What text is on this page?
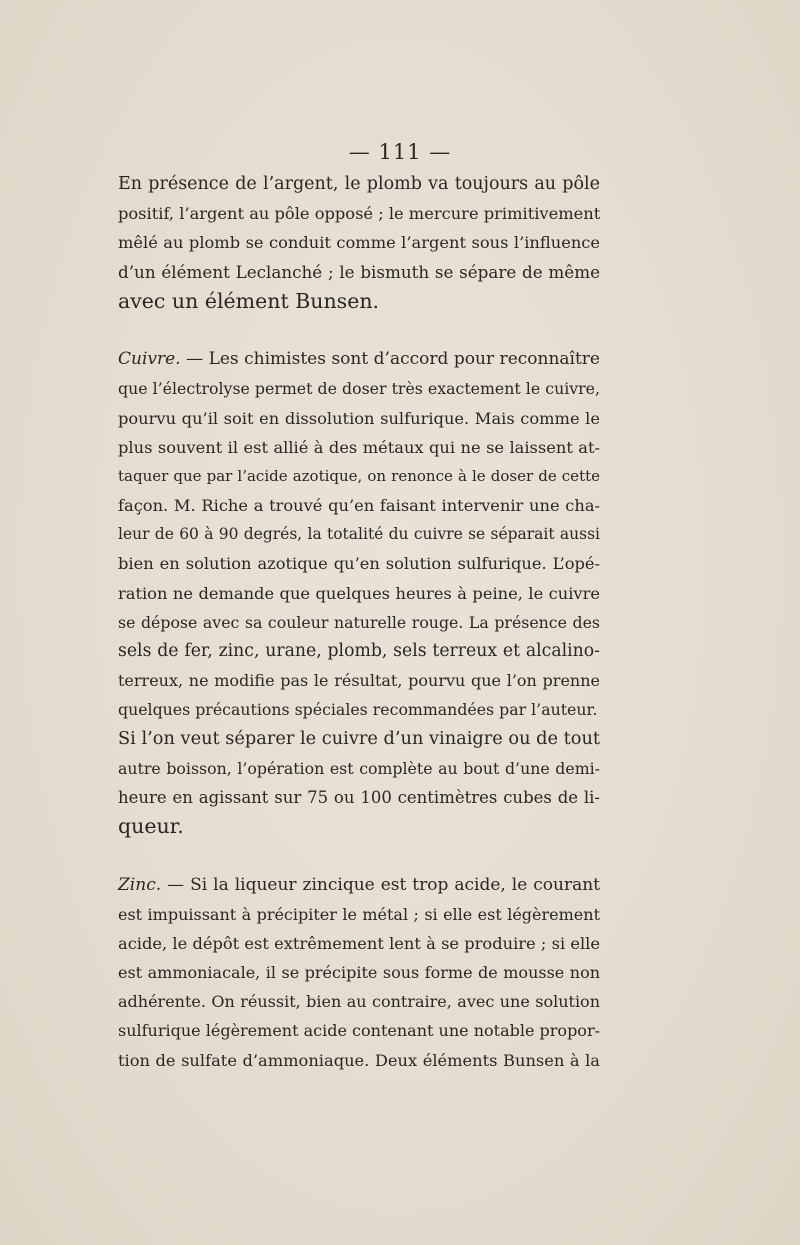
— 111 —
En présence de l’argent, le plomb va toujours au pôle
positif, l’argent au pôle opposé ; le mercure primitivement
mêlé au plomb se conduit comme l’argent sous l’influence
d’un élément Leclanché ; le bismuth se sépare de même
avec un élément Bunsen.
Cuivre. — Les chimistes sont d’accord pour reconnaître
que l’électrolyse permet de doser très exactement le cuivre,
pourvu qu’il soit en dissolution sulfurique. Mais comme le
plus souvent il est allié à des métaux qui ne se laissent at-
taquer que par l’acide azotique, on renonce à le doser de cette
façon. M. Riche a trouvé qu’en faisant intervenir une cha-
leur de 60 à 90 degrés, la totalité du cuivre se séparait aussi
bien en solution azotique qu’en solution sulfurique. L’opé-
ration ne demande que quelques heures à peine, le cuivre
se dépose avec sa couleur naturelle rouge. La présence des
sels de fer, zinc, urane, plomb, sels terreux et alcalino-
terreux, ne modifie pas le résultat, pourvu que l’on prenne
quelques précautions spéciales recommandées par l’auteur.
Si l’on veut séparer le cuivre d’un vinaigre ou de tout
autre boisson, l’opération est complète au bout d’une demi-
heure en agissant sur 75 ou 100 centimètres cubes de li-
queur.
Zinc. — Si la liqueur zincique est trop acide, le courant
est impuissant à précipiter le métal ; si elle est légèrement
acide, le dépôt est extrêmement lent à se produire ; si elle
est ammoniacale, il se précipite sous forme de mousse non
adhérente. On réussit, bien au contraire, avec une solution
sulfurique légèrement acide contenant une notable propor-
tion de sulfate d’ammoniaque. Deux éléments Bunsen à la
